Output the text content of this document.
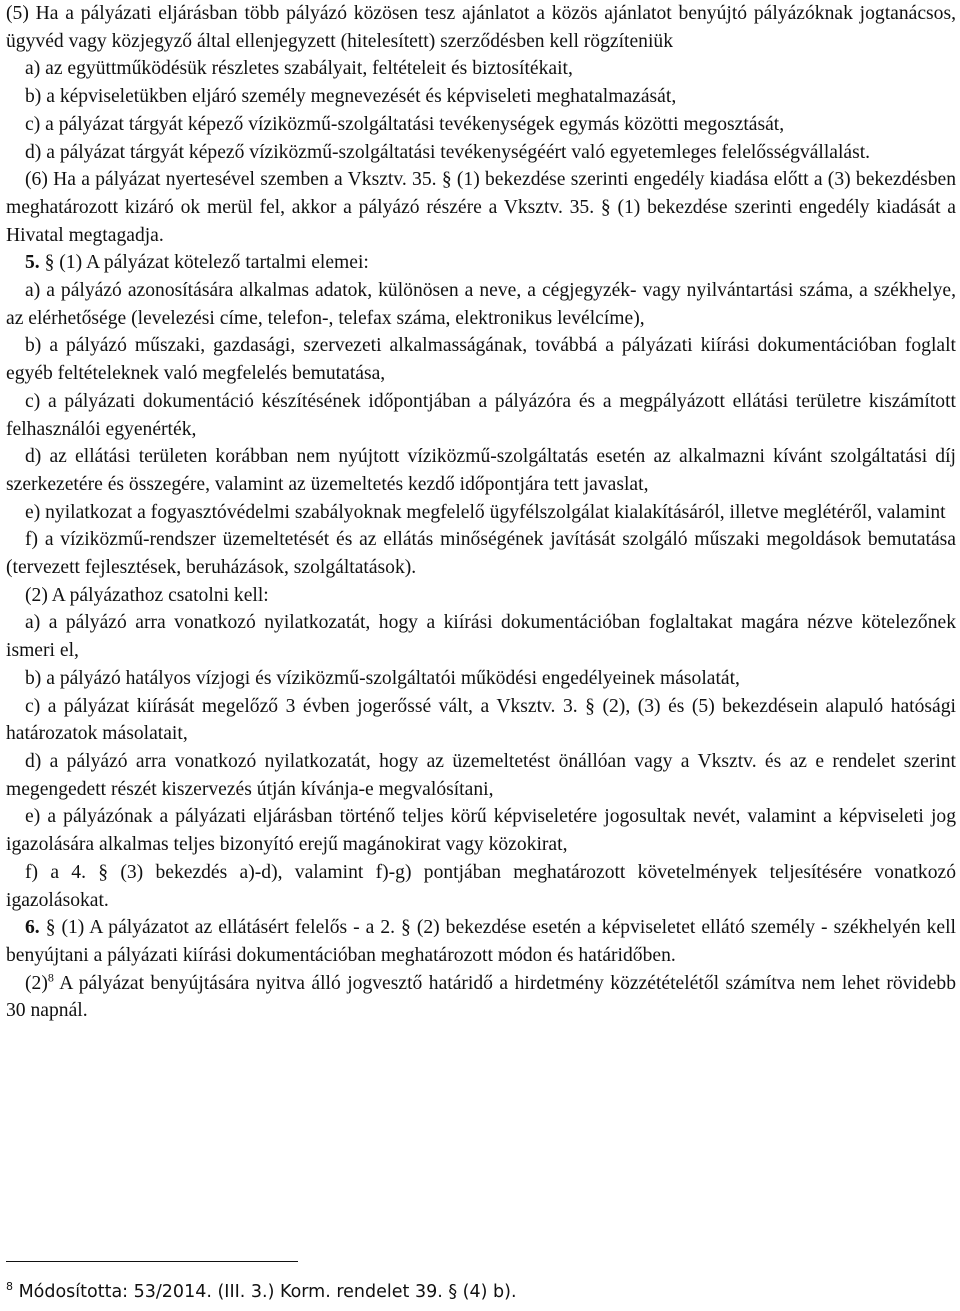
(5) Ha a pályázati eljárásban több pályázó közösen tesz ajánlatot a közös ajánlatot benyújtó pályázóknak jogtanácsos, ügyvéd vagy közjegyző által ellenjegyzett (hitelesített) szerződésben kell rögzíteniük

a) az együttműködésük részletes szabályait, feltételeit és biztosítékait,

b) a képviseletükben eljáró személy megnevezését és képviseleti meghatalmazását,

c) a pályázat tárgyát képező víziközmű-szolgáltatási tevékenységek egymás közötti megosztását,

d) a pályázat tárgyát képező víziközmű-szolgáltatási tevékenységéért való egyetemleges felelősségvállalást.

(6) Ha a pályázat nyertesével szemben a Vksztv. 35. § (1) bekezdése szerinti engedély kiadása előtt a (3) bekezdésben meghatározott kizáró ok merül fel, akkor a pályázó részére a Vksztv. 35. § (1) bekezdése szerinti engedély kiadását a Hivatal megtagadja.

5. § (1) A pályázat kötelező tartalmi elemei:

a) a pályázó azonosítására alkalmas adatok, különösen a neve, a cégjegyzék- vagy nyilvántartási száma, a székhelye, az elérhetősége (levelezési címe, telefon-, telefax száma, elektronikus levélcíme),

b) a pályázó műszaki, gazdasági, szervezeti alkalmasságának, továbbá a pályázati kiírási dokumentációban foglalt egyéb feltételeknek való megfelelés bemutatása,

c) a pályázati dokumentáció készítésének időpontjában a pályázóra és a megpályázott ellátási területre kiszámított felhasználói egyenérték,

d) az ellátási területen korábban nem nyújtott víziközmű-szolgáltatás esetén az alkalmazni kívánt szolgáltatási díj szerkezetére és összegére, valamint az üzemeltetés kezdő időpontjára tett javaslat,

e) nyilatkozat a fogyasztóvédelmi szabályoknak megfelelő ügyfélszolgálat kialakításáról, illetve meglétéről, valamint

f) a víziközmű-rendszer üzemeltetését és az ellátás minőségének javítását szolgáló műszaki megoldások bemutatása (tervezett fejlesztések, beruházások, szolgáltatások).

(2) A pályázathoz csatolni kell:

a) a pályázó arra vonatkozó nyilatkozatát, hogy a kiírási dokumentációban foglaltakat magára nézve kötelezőnek ismeri el,

b) a pályázó hatályos vízjogi és víziközmű-szolgáltatói működési engedélyeinek másolatát,

c) a pályázat kiírását megelőző 3 évben jogerőssé vált, a Vksztv. 3. § (2), (3) és (5) bekezdésein alapuló hatósági határozatok másolatait,

d) a pályázó arra vonatkozó nyilatkozatát, hogy az üzemeltetést önállóan vagy a Vksztv. és az e rendelet szerint megengedett részét kiszervezés útján kívánja-e megvalósítani,

e) a pályázónak a pályázati eljárásban történő teljes körű képviseletére jogosultak nevét, valamint a képviseleti jog igazolására alkalmas teljes bizonyító erejű magánokirat vagy közokirat,

f) a 4. § (3) bekezdés a)-d), valamint f)-g) pontjában meghatározott követelmények teljesítésére vonatkozó igazolásokat.

6. § (1) A pályázatot az ellátásért felelős - a 2. § (2) bekezdése esetén a képviseletet ellátó személy - székhelyén kell benyújtani a pályázati kiírási dokumentációban meghatározott módon és határidőben.

(2)$^8$ A pályázat benyújtására nyitva álló jogvesztő határidő a hirdetmény közzétételétől számítva nem lehet rövidebb 30 napnál.

$^8$ Módosította: 53/2014. (III. 3.) Korm. rendelet 39. § (4) b).
